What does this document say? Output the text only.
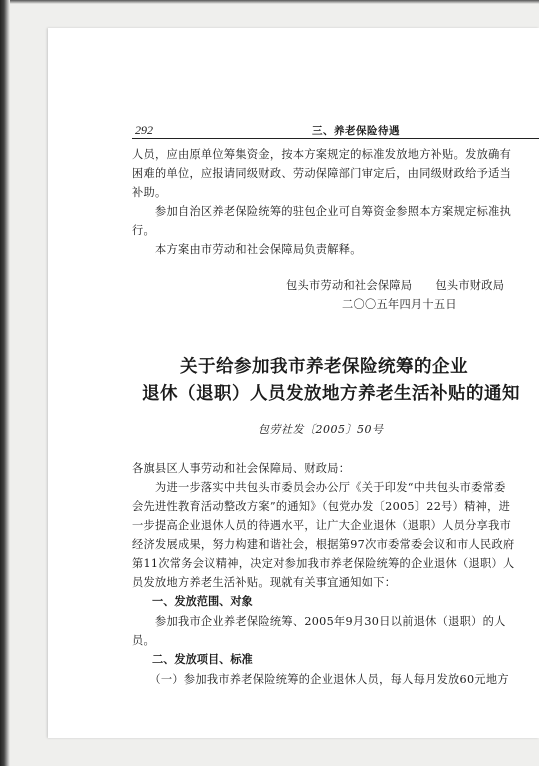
292	三、养老保险待遇
人员，应由原单位筹集资金，按本方案规定的标准发放地方补贴。发放确有
困难的单位，应报请同级财政、劳动保障部门审定后，由同级财政给予适当
补助。
　　参加自治区养老保险统筹的驻包企业可自筹资金参照本方案规定标准执
行。
　　本方案由市劳动和社会保障局负责解释。
包头市劳动和社会保障局　　包头市财政局
二〇〇五年四月十五日
关于给参加我市养老保险统筹的企业
退休（退职）人员发放地方养老生活补贴的通知
包劳社发〔2005〕50号
各旗县区人事劳动和社会保障局、财政局：
　　为进一步落实中共包头市委员会办公厅《关于印发“中共包头市委常委
会先进性教育活动整改方案”的通知》（包党办发〔2005〕22号）精神，进
一步提高企业退休人员的待遇水平，让广大企业退休（退职）人员分享我市
经济发展成果，努力构建和谐社会，根据第97次市委常委会议和市人民政府
第11次常务会议精神，决定对参加我市养老保险统筹的企业退休（退职）人
员发放地方养老生活补贴。现就有关事宜通知如下：
一、发放范围、对象
　　参加我市企业养老保险统筹、2005年9月30日以前退休（退职）的人
员。
二、发放项目、标准
　　（一）参加我市养老保险统筹的企业退休人员，每人每月发放60元地方
